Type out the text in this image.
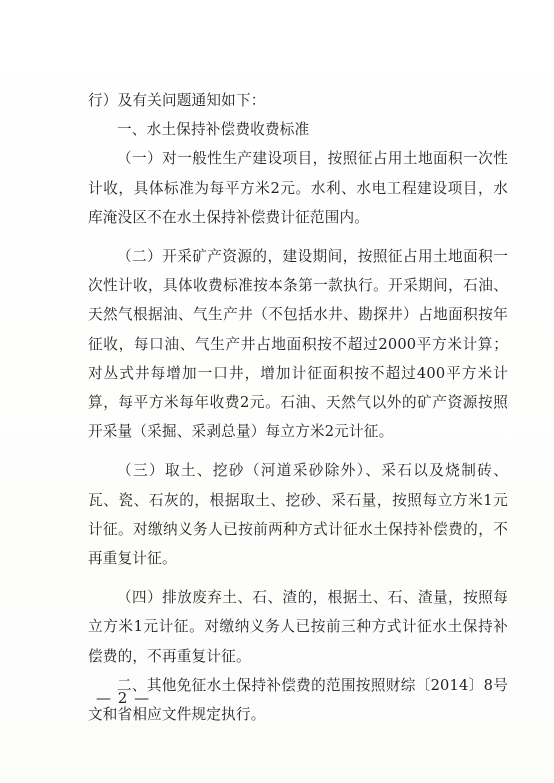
行）及有关问题通知如下：

一、水土保持补偿费收费标准

（一）对一般性生产建设项目，按照征占用土地面积一次性计收，具体标准为每平方米2元。水利、水电工程建设项目，水库淹没区不在水土保持补偿费计征范围内。

（二）开采矿产资源的，建设期间，按照征占用土地面积一次性计收，具体收费标准按本条第一款执行。开采期间，石油、天然气根据油、气生产井（不包括水井、勘探井）占地面积按年征收，每口油、气生产井占地面积按不超过2000平方米计算；对丛式井每增加一口井，增加计征面积按不超过400平方米计算，每平方米每年收费2元。石油、天然气以外的矿产资源按照开采量（采掘、采剥总量）每立方米2元计征。

（三）取土、挖砂（河道采砂除外）、采石以及烧制砖、瓦、瓷、石灰的，根据取土、挖砂、采石量，按照每立方米1元计征。对缴纳义务人已按前两种方式计征水土保持补偿费的，不再重复计征。

（四）排放废弃土、石、渣的，根据土、石、渣量，按照每立方米1元计征。对缴纳义务人已按前三种方式计征水土保持补偿费的，不再重复计征。

二、其他免征水土保持补偿费的范围按照财综〔2014〕8号文和省相应文件规定执行。

— 2 —
